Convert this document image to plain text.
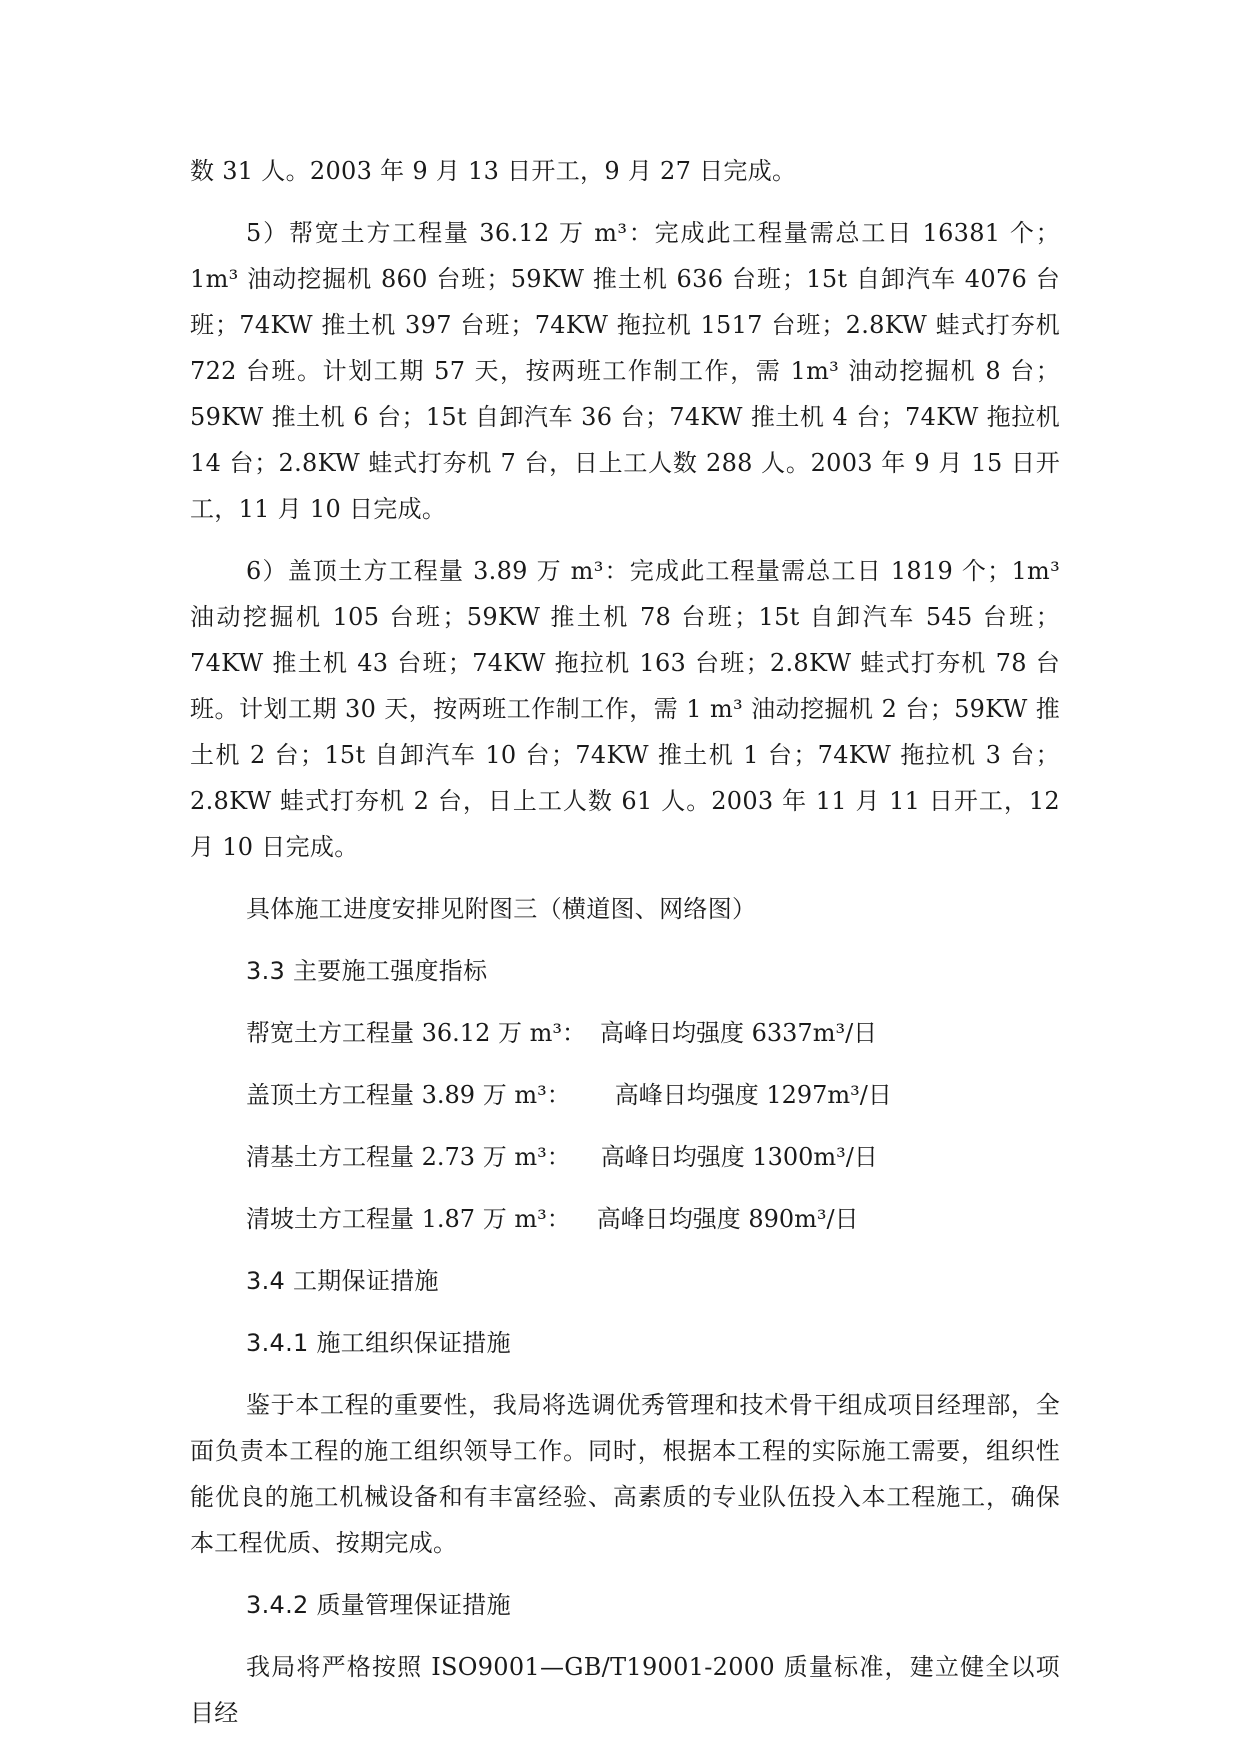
数 31 人。2003 年 9 月 13 日开工，9 月 27 日完成。

5）帮宽土方工程量 36.12 万 m³：完成此工程量需总工日 16381 个；1m³ 油动挖掘机 860 台班；59KW 推土机 636 台班；15t 自卸汽车 4076 台班；74KW 推土机 397 台班；74KW 拖拉机 1517 台班；2.8KW 蛙式打夯机 722 台班。计划工期 57 天，按两班工作制工作，需 1m³ 油动挖掘机 8 台；59KW 推土机 6 台；15t 自卸汽车 36 台；74KW 推土机 4 台；74KW 拖拉机 14 台；2.8KW 蛙式打夯机 7 台，日上工人数 288 人。2003 年 9 月 15 日开工，11 月 10 日完成。

6）盖顶土方工程量 3.89 万 m³：完成此工程量需总工日 1819 个；1m³ 油动挖掘机 105 台班；59KW 推土机 78 台班；15t 自卸汽车 545 台班；74KW 推土机 43 台班；74KW 拖拉机 163 台班；2.8KW 蛙式打夯机 78 台班。计划工期 30 天，按两班工作制工作，需 1 m³ 油动挖掘机 2 台；59KW 推土机 2 台；15t 自卸汽车 10 台；74KW 推土机 1 台；74KW 拖拉机 3 台；2.8KW 蛙式打夯机 2 台，日上工人数 61 人。2003 年 11 月 11 日开工，12 月 10 日完成。

具体施工进度安排见附图三（横道图、网络图）

3.3 主要施工强度指标
帮宽土方工程量 36.12 万 m³： 高峰日均强度 6337m³/日
盖顶土方工程量 3.89 万 m³： 高峰日均强度 1297m³/日
清基土方工程量 2.73 万 m³： 高峰日均强度 1300m³/日
清坡土方工程量 1.87 万 m³： 高峰日均强度 890m³/日
3.4 工期保证措施
3.4.1 施工组织保证措施

鉴于本工程的重要性，我局将选调优秀管理和技术骨干组成项目经理部，全面负责本工程的施工组织领导工作。同时，根据本工程的实际施工需要，组织性能优良的施工机械设备和有丰富经验、高素质的专业队伍投入本工程施工，确保本工程优质、按期完成。

3.4.2 质量管理保证措施

我局将严格按照 ISO9001—GB/T19001-2000 质量标准，建立健全以项目经
